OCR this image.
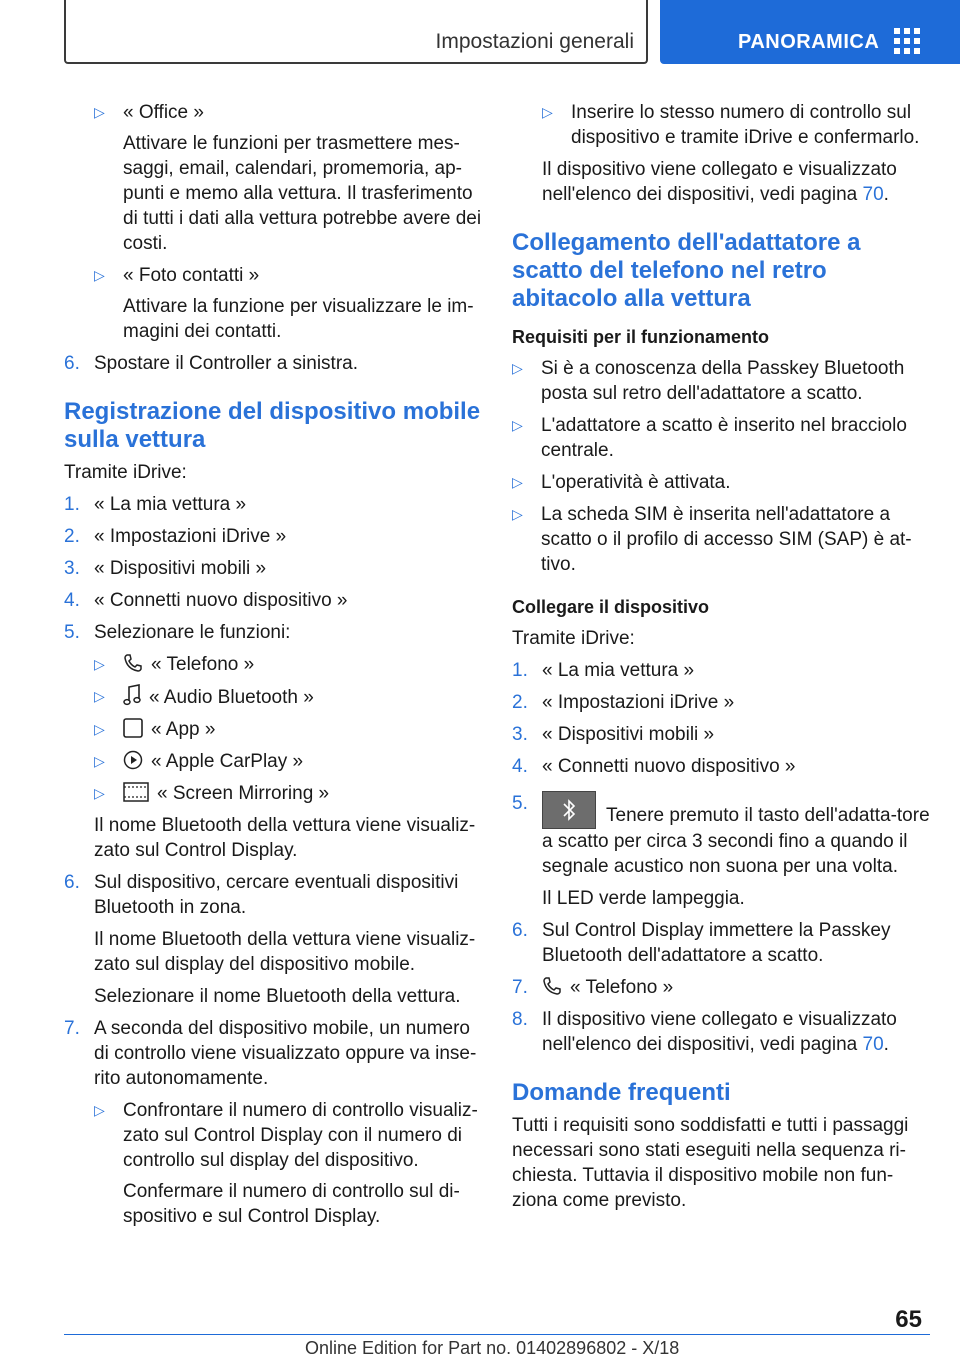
Impostazioni generali	PANORAMICA
▷ « Office »
Attivare le funzioni per trasmettere mes-saggi, email, calendari, promemoria, ap-punti e memo alla vettura. Il trasferimento di tutti i dati alla vettura potrebbe avere dei costi.
▷ « Foto contatti »
Attivare la funzione per visualizzare le im-magini dei contatti.
6. Spostare il Controller a sinistra.
Registrazione del dispositivo mobile sulla vettura
Tramite iDrive:
1. « La mia vettura »
2. « Impostazioni iDrive »
3. « Dispositivi mobili »
4. « Connetti nuovo dispositivo »
5. Selezionare le funzioni:
▷ « Telefono »
▷ « Audio Bluetooth »
▷ « App »
▷ « Apple CarPlay »
▷	« Screen Mirroring »
Il nome Bluetooth della vettura viene visualiz-zato sul Control Display.
6. Sul dispositivo, cercare eventuali dispositivi Bluetooth in zona.
Il nome Bluetooth della vettura viene visualiz-zato sul display del dispositivo mobile.
Selezionare il nome Bluetooth della vettura.
7. A seconda del dispositivo mobile, un numero di controllo viene visualizzato oppure va inse-rito autonomamente.
▷ Confrontare il numero di controllo visualiz-zato sul Control Display con il numero di controllo sul display del dispositivo.
Confermare il numero di controllo sul di-spositivo e sul Control Display.
▷ Inserire lo stesso numero di controllo sul dispositivo e tramite iDrive e confermarlo.
Il dispositivo viene collegato e visualizzato nell'elenco dei dispositivi, vedi pagina 70.
Collegamento dell'adattatore a scatto del telefono nel retro abitacolo alla vettura
Requisiti per il funzionamento
▷ Si è a conoscenza della Passkey Bluetooth posta sul retro dell'adattatore a scatto.
▷ L'adattatore a scatto è inserito nel bracciolo centrale.
▷ L'operatività è attivata.
▷ La scheda SIM è inserita nell'adattatore a scatto o il profilo di accesso SIM (SAP) è at-tivo.
Collegare il dispositivo
Tramite iDrive:
1. « La mia vettura »
2. « Impostazioni iDrive »
3. « Dispositivi mobili »
4. « Connetti nuovo dispositivo »
5.
Tenere premuto il tasto dell'adatta-tore a scatto per circa 3 secondi fino a quando il segnale acustico non suona per una volta.
Il LED verde lampeggia.
6. Sul Control Display immettere la Passkey Bluetooth dell'adattatore a scatto.
7.	« Telefono »
8. Il dispositivo viene collegato e visualizzato nell'elenco dei dispositivi, vedi pagina 70.
Domande frequenti
Tutti i requisiti sono soddisfatti e tutti i passaggi necessari sono stati eseguiti nella sequenza ri-chiesta. Tuttavia il dispositivo mobile non fun-ziona come previsto.
65
Online Edition for Part no. 01402896802 - X/18
